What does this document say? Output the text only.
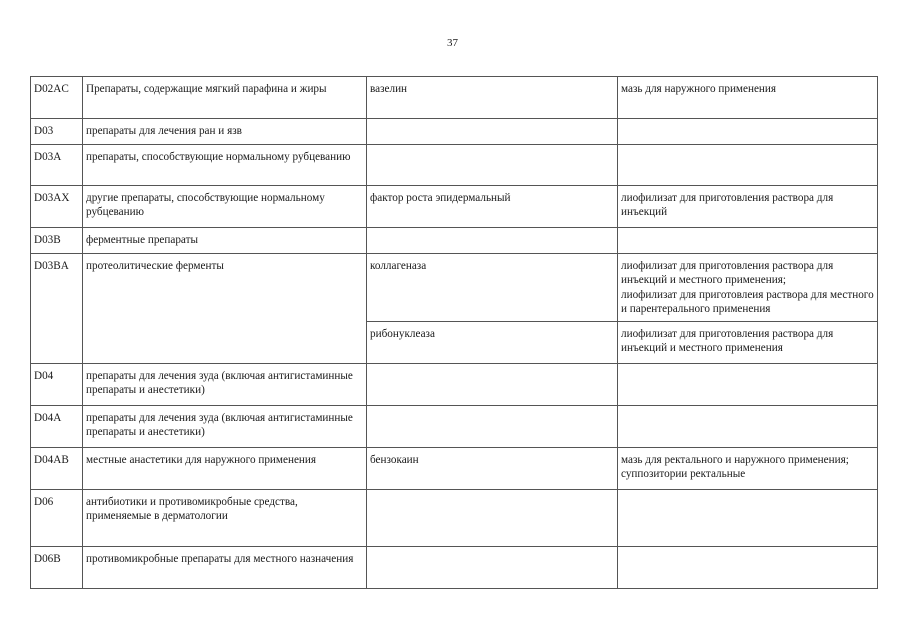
37
D02AC	Препараты, содержащие мягкий парафина и жиры	вазелин	мазь для наружного применения

D03	препараты для лечения ран и язв		
D03A	препараты, способствующие нормальному рубцеванию		
D03AX	другие препараты, способствующие нормальному рубцеванию	фактор роста эпидермальный	лиофилизат для приготовления раствора для инъекций

D03B	ферментные препараты		
D03BA	протеолитические ферменты	коллагеназа	лиофилизат для приготовления раствора для инъекций и местного применения;
лиофилизат для приготовлеия раствора для местного и парентерального применения

		рибонуклеаза	лиофилизат для приготовления раствора для инъекций и местного применения

D04	препараты для лечения зуда (включая антигистаминные препараты и анестетики)		
D04A	препараты для лечения зуда (включая антигистаминные препараты и анестетики)		
D04AB	местные анастетики для наружного применения	бензокаин	мазь для ректального и наружного применения;
суппозитории ректальные

D06	антибиотики и противомикробные средства, применяемые в дерматологии		
D06B	противомикробные препараты для местного назначения		
